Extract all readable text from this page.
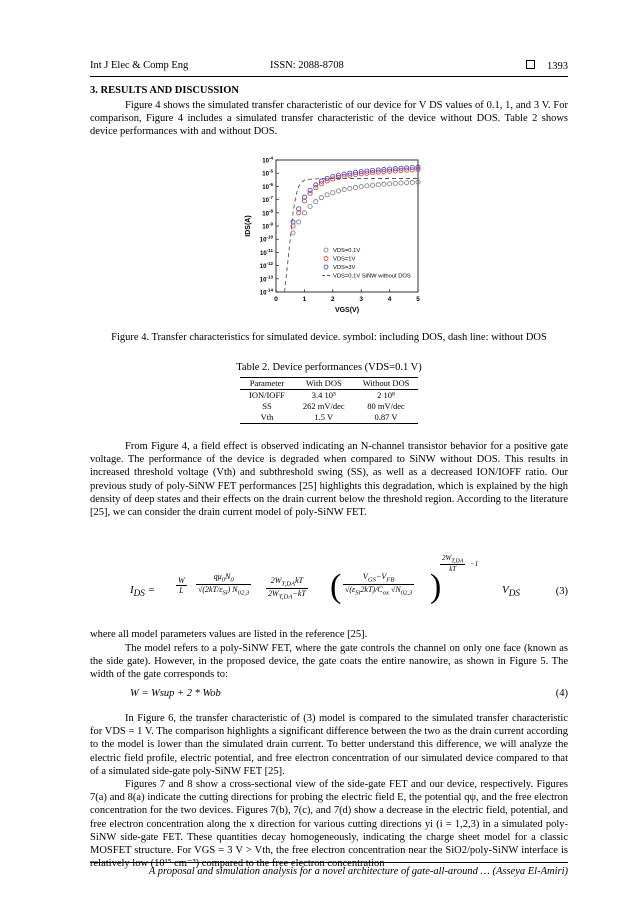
Int J Elec & Comp Eng	ISSN: 2088-8708	1393
3. RESULTS AND DISCUSSION

Figure 4 shows the simulated transfer characteristic of our device for V DS values of 0.1, 1, and 3 V. For comparison, Figure 4 includes a simulated transfer characteristic of the device without DOS. Table 2 shows device performances with and without DOS.

$10^{-14}$
$10^{-13}$
$10^{-12}$
$10^{-11}$
$10^{-10}$
$10^{-9}$
$10^{-8}$
$10^{-7}$
$10^{-6}$
$10^{-5}$
$10^{-4}$
0	1	2	3	4	5
VGS(V)
IDS(A)
VDS=0.1V
VDS=1V
VDS=3V
VDS=0.1V SiNW without DOS
Figure 4. Transfer characteristics for simulated device. symbol: including DOS, dash line: without DOS
Table 2. Device performances (VDS=0.1 V)
Parameter	With DOS	Without DOS
ION/IOFF	3.4 10⁵	2 10⁸
SS	262 mV/dec	80 mV/dec
Vth	1.5 V	0.87 V

From Figure 4, a field effect is observed indicating an N-channel transistor behavior for a positive gate voltage. The performance of the device is degraded when compared to SiNW without DOS. This results in increased threshold voltage (Vth) and subthreshold swing (SS), as well as a decreased ION/IOFF ratio. Our previous study of poly-SiNW FET performances [25] highlights this degradation, which is explained by the high density of deep states and their effects on the drain current below the threshold region. According to the literature [25], we can consider the drain current model of poly-SiNW FET.

$I_{DS}$ =	$\frac{W}{L}$	$q\mu_0N_0$
$√(2kT/\varepsilon_{Si})$ $N_{02,3}$
$2W_{T,DA}kT$
$2W_{T,DA}-kT$ (	$V_{GS}-V_{FB}$
$√(\varepsilon_{Si}2kT)/C_{ox}$ $√N_{02,3}$ )
$\frac{2W_{T,DA}}{kT} -1$
$V_{DS}$	(3)

where all model parameters values are listed in the reference [25].

The model refers to a poly-SiNW FET, where the gate controls the channel on only one face (known as the side gate). However, in the proposed device, the gate coats the entire nanowire, as shown in Figure 5. The width of the gate corresponds to:

W = Wsup + 2 * Wob	(4)

In Figure 6, the transfer characteristic of (3) model is compared to the simulated transfer characteristic for VDS = 1 V. The comparison highlights a significant difference between the two as the drain current according to the model is lower than the simulated drain current. To better understand this difference, we will analyze the electric field profile, electric potential, and free electron concentration of our simulated device compared to that of a simulated side-gate poly-SiNW FET [25].

Figures 7 and 8 show a cross-sectional view of the side-gate FET and our device, respectively. Figures 7(a) and 8(a) indicate the cutting directions for probing the electric field E, the potential qψ, and the free electron concentration for the two devices. Figures 7(b), 7(c), and 7(d) show a decrease in the electric field, potential, and free electron concentration along the x direction for various cutting directions yi (i = 1,2,3) in a simulated poly-SiNW side-gate FET. These quantities decay homogeneously, indicating the charge sheet model for a classic MOSFET structure. For VGS = 3 V > Vth, the free electron concentration near the SiO2/poly-SiNW interface is relatively low (10¹⁵ cm⁻³) compared to the free electron concentration

A proposal and simulation analysis for a novel architecture of gate-all-around … (Asseya El-Amiri)
